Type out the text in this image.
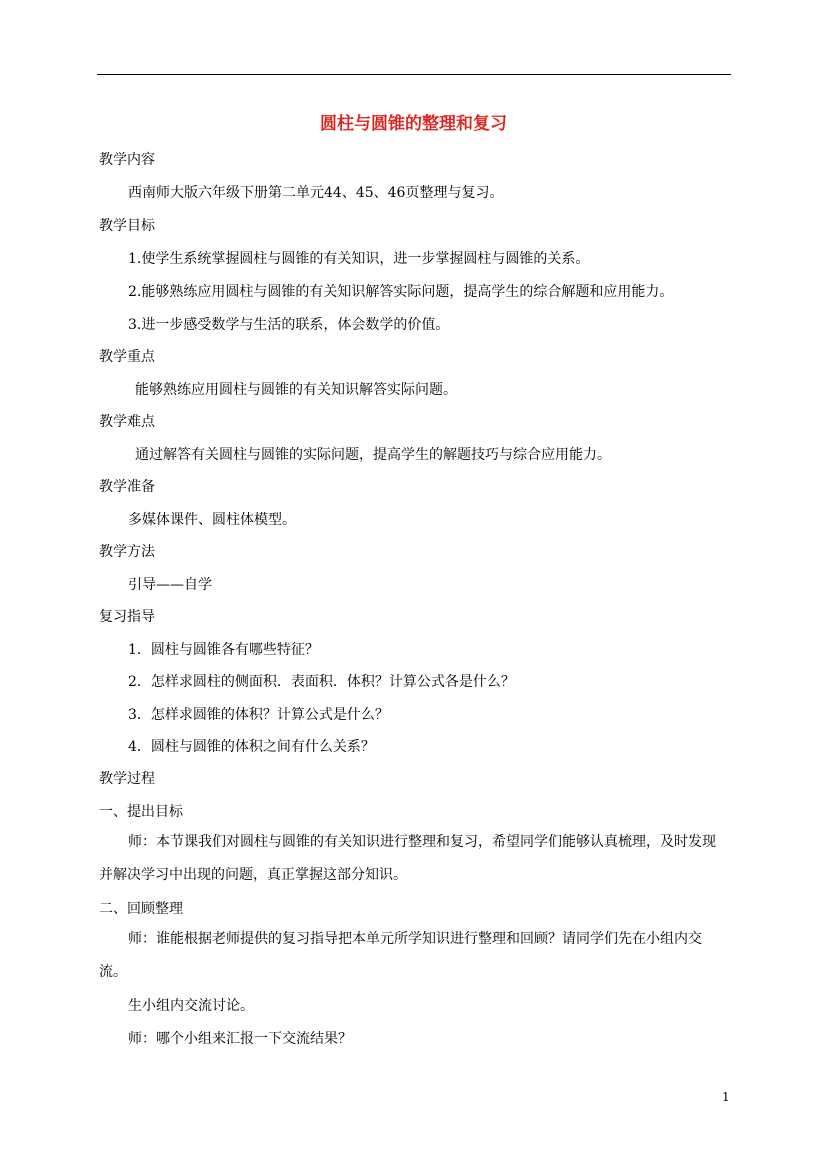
圆柱与圆锥的整理和复习
教学内容
西南师大版六年级下册第二单元44、45、46页整理与复习。
教学目标
1.使学生系统掌握圆柱与圆锥的有关知识，进一步掌握圆柱与圆锥的关系。
2.能够熟练应用圆柱与圆锥的有关知识解答实际问题，提高学生的综合解题和应用能力。
3.进一步感受数学与生活的联系，体会数学的价值。
教学重点
能够熟练应用圆柱与圆锥的有关知识解答实际问题。
教学难点
通过解答有关圆柱与圆锥的实际问题，提高学生的解题技巧与综合应用能力。
教学准备
多媒体课件、圆柱体模型。
教学方法
引导——自学
复习指导
1．圆柱与圆锥各有哪些特征？
2．怎样求圆柱的侧面积．表面积．体积？计算公式各是什么？
3．怎样求圆锥的体积？计算公式是什么？
4．圆柱与圆锥的体积之间有什么关系？
教学过程
一、提出目标
师：本节课我们对圆柱与圆锥的有关知识进行整理和复习，希望同学们能够认真梳理，及时发现并解决学习中出现的问题，真正掌握这部分知识。
二、回顾整理
师：谁能根据老师提供的复习指导把本单元所学知识进行整理和回顾？请同学们先在小组内交流。
生小组内交流讨论。
师：哪个小组来汇报一下交流结果？
1
